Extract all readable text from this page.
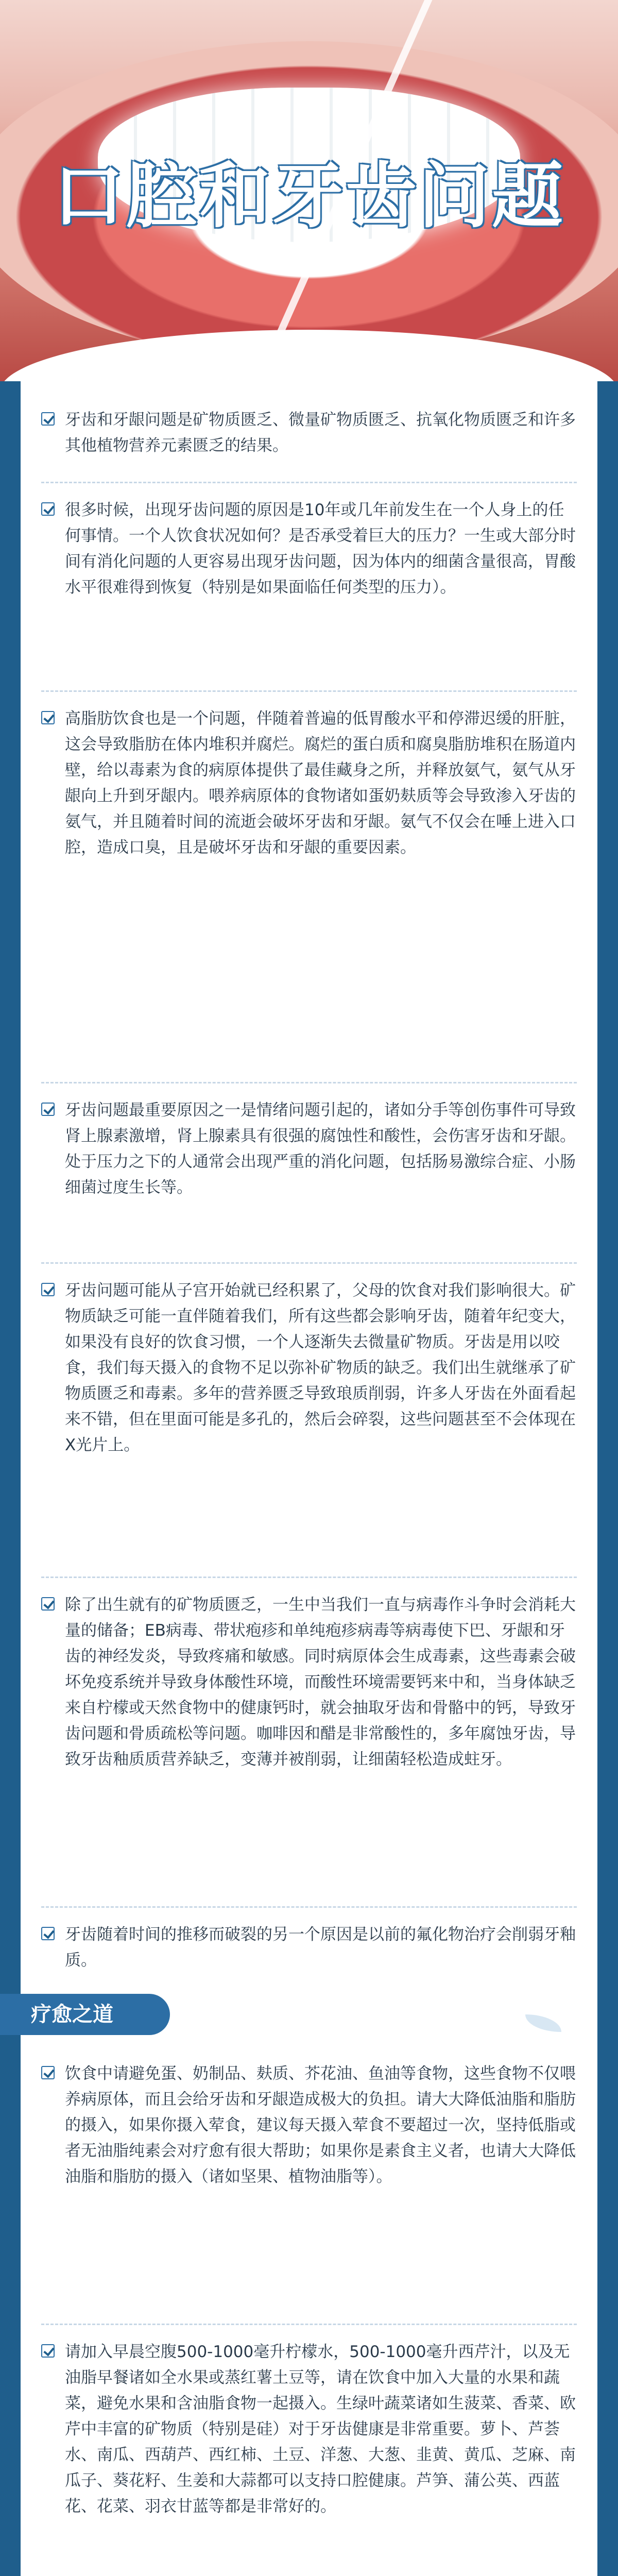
口腔和牙齿问题

牙齿和牙龈问题是矿物质匮乏、微量矿物质匮乏、抗氧化物质匮乏和许多其他植物营养元素匮乏的结果。

很多时候，出现牙齿问题的原因是10年或几年前发生在一个人身上的任何事情。一个人饮食状况如何？是否承受着巨大的压力？一生或大部分时间有消化问题的人更容易出现牙齿问题，因为体内的细菌含量很高，胃酸水平很难得到恢复（特别是如果面临任何类型的压力）。

高脂肪饮食也是一个问题，伴随着普遍的低胃酸水平和停滞迟缓的肝脏，这会导致脂肪在体内堆积并腐烂。腐烂的蛋白质和腐臭脂肪堆积在肠道内壁，给以毒素为食的病原体提供了最佳藏身之所，并释放氨气，氨气从牙龈向上升到牙龈内。喂养病原体的食物诸如蛋奶麸质等会导致渗入牙齿的氨气，并且随着时间的流逝会破坏牙齿和牙龈。氨气不仅会在唾上进入口腔，造成口臭，且是破坏牙齿和牙龈的重要因素。

牙齿问题最重要原因之一是情绪问题引起的，诸如分手等创伤事件可导致肾上腺素激增，肾上腺素具有很强的腐蚀性和酸性，会伤害牙齿和牙龈。处于压力之下的人通常会出现严重的消化问题，包括肠易激综合症、小肠细菌过度生长等。

牙齿问题可能从子宫开始就已经积累了，父母的饮食对我们影响很大。矿物质缺乏可能一直伴随着我们，所有这些都会影响牙齿，随着年纪变大，如果没有良好的饮食习惯，一个人逐渐失去微量矿物质。牙齿是用以咬食，我们每天摄入的食物不足以弥补矿物质的缺乏。我们出生就继承了矿物质匮乏和毒素。多年的营养匮乏导致琅质削弱，许多人牙齿在外面看起来不错，但在里面可能是多孔的，然后会碎裂，这些问题甚至不会体现在X光片上。

除了出生就有的矿物质匮乏，一生中当我们一直与病毒作斗争时会消耗大量的储备；EB病毒、带状疱疹和单纯疱疹病毒等病毒使下巴、牙龈和牙齿的神经发炎，导致疼痛和敏感。同时病原体会生成毒素，这些毒素会破坏免疫系统并导致身体酸性环境，而酸性环境需要钙来中和，当身体缺乏来自柠檬或天然食物中的健康钙时，就会抽取牙齿和骨骼中的钙，导致牙齿问题和骨质疏松等问题。咖啡因和醋是非常酸性的，多年腐蚀牙齿，导致牙齿釉质质营养缺乏，变薄并被削弱，让细菌轻松造成蛀牙。

牙齿随着时间的推移而破裂的另一个原因是以前的氟化物治疗会削弱牙釉质。

疗愈之道

饮食中请避免蛋、奶制品、麸质、芥花油、鱼油等食物，这些食物不仅喂养病原体，而且会给牙齿和牙龈造成极大的负担。请大大降低油脂和脂肪的摄入，如果你摄入荤食，建议每天摄入荤食不要超过一次，坚持低脂或者无油脂纯素会对疗愈有很大帮助；如果你是素食主义者，也请大大降低油脂和脂肪的摄入（诸如坚果、植物油脂等）。

请加入早晨空腹500-1000毫升柠檬水，500-1000毫升西芹汁，以及无油脂早餐诸如全水果或蒸红薯土豆等，请在饮食中加入大量的水果和蔬菜，避免水果和含油脂食物一起摄入。生绿叶蔬菜诸如生菠菜、香菜、欧芹中丰富的矿物质（特别是硅）对于牙齿健康是非常重要。萝卜、芦荟水、南瓜、西葫芦、西红柿、土豆、洋葱、大葱、韭黄、黄瓜、芝麻、南瓜子、葵花籽、生姜和大蒜都可以支持口腔健康。芦笋、蒲公英、西蓝花、花菜、羽衣甘蓝等都是非常好的。
